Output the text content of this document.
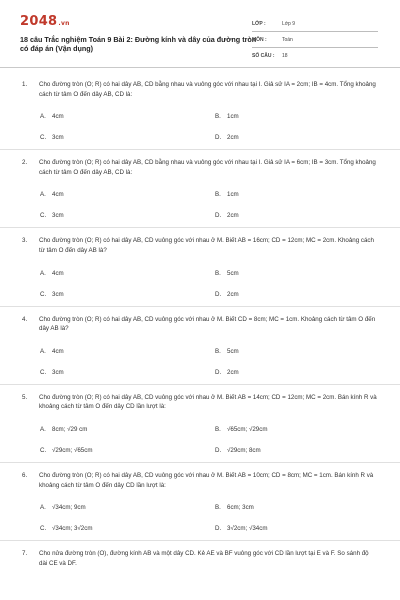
2048.vn
18 câu Trắc nghiệm Toán 9 Bài 2: Đường kính và dây của đường tròn có đáp án (Vận dụng)
LỚP :	Lớp 9
MÔN :	Toán
SỐ CÂU :	18
1.	Cho đường tròn (O; R) có hai dây AB, CD bằng nhau và vuông góc với nhau tại I. Giả sử IA = 2cm; IB = 4cm. Tổng khoảng cách từ tâm O đến dây AB, CD là:
A. 4cm	B. 1cm
C. 3cm	D. 2cm
2.	Cho đường tròn (O; R) có hai dây AB, CD bằng nhau và vuông góc với nhau tại I. Giả sử IA = 6cm; IB = 3cm. Tổng khoảng cách từ tâm O đến dây AB, CD là:
A. 4cm	B. 1cm
C. 3cm	D. 2cm
3.	Cho đường tròn (O; R) có hai dây AB, CD vuông góc với nhau ở M. Biết AB = 16cm; CD = 12cm; MC = 2cm. Khoảng cách từ tâm O đến dây AB là?
A. 4cm	B. 5cm
C. 3cm	D. 2cm
4.	Cho đường tròn (O; R) có hai dây AB, CD vuông góc với nhau ở M. Biết CD = 8cm; MC = 1cm. Khoảng cách từ tâm O đến dây AB là?
A. 4cm	B. 5cm
C. 3cm	D. 2cm
5.	Cho đường tròn (O; R) có hai dây AB, CD vuông góc với nhau ở M. Biết AB = 14cm; CD = 12cm; MC = 2cm. Bán kính R và khoảng cách từ tâm O đến dây CD lần lượt là:
A. 8cm; √29 cm	B. √65cm; √29cm
C. √29cm; √65cm	D. √29cm; 8cm
6.	Cho đường tròn (O; R) có hai dây AB, CD vuông góc với nhau ở M. Biết AB = 10cm; CD = 8cm; MC = 1cm. Bán kính R và khoảng cách từ tâm O đến dây CD lần lượt là:
A. √34cm; 9cm	B. 6cm; 3cm
C. √34cm; 3√2cm	D. 3√2cm; √34cm
7.	Cho nửa đường tròn (O), đường kính AB và một dây CD. Kẻ AE và BF vuông góc với CD lần lượt tại E và F. So sánh độ dài CE và DF.
